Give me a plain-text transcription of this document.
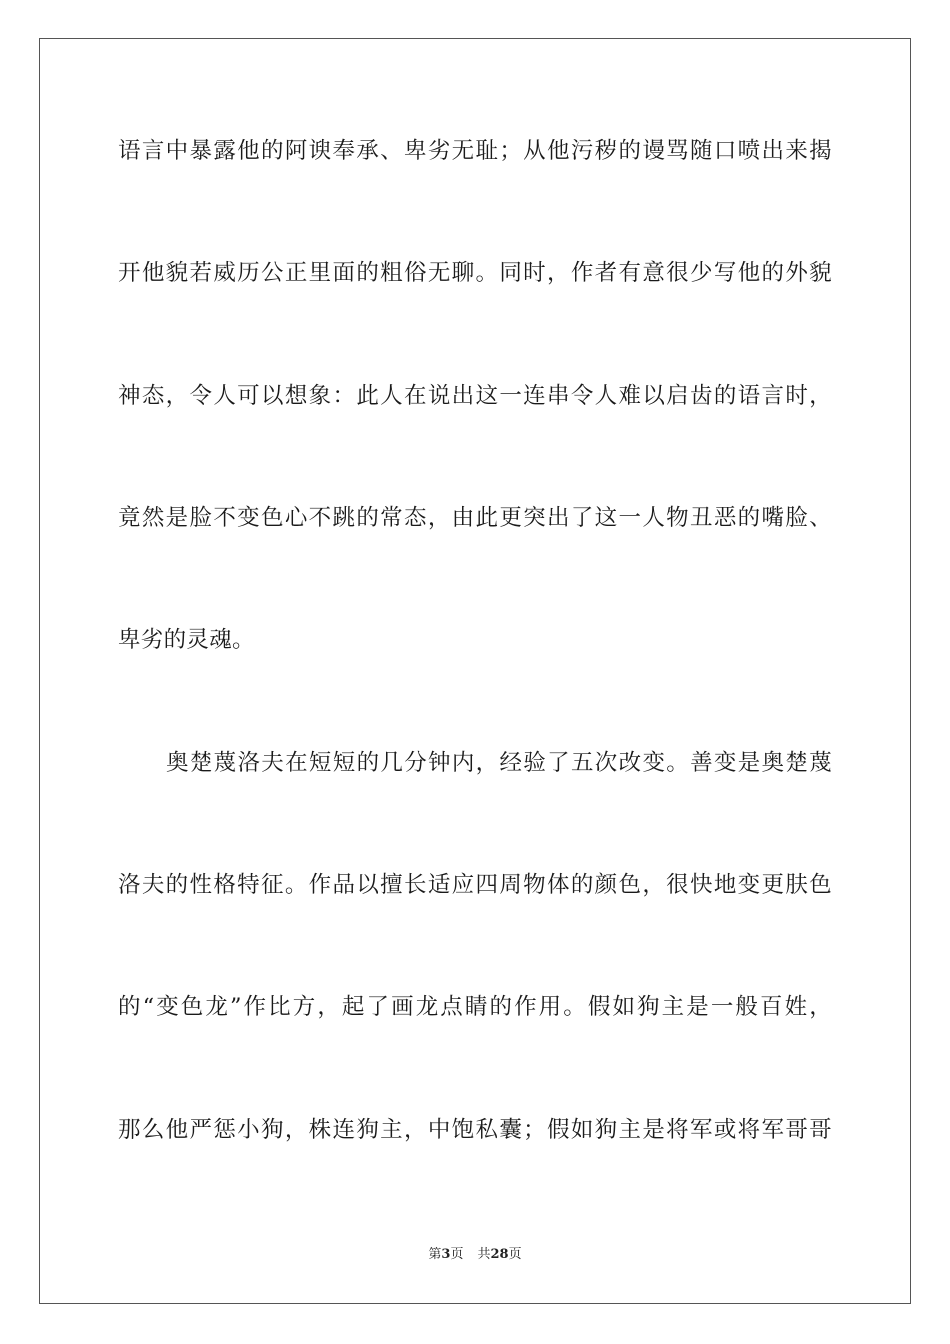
语言中暴露他的阿谀奉承、卑劣无耻；从他污秽的谩骂随口喷出来揭
开他貌若威历公正里面的粗俗无聊。同时，作者有意很少写他的外貌
神态，令人可以想象：此人在说出这一连串令人难以启齿的语言时，
竟然是脸不变色心不跳的常态，由此更突出了这一人物丑恶的嘴脸、
卑劣的灵魂。
奥楚蔑洛夫在短短的几分钟内，经验了五次改变。善变是奥楚蔑
洛夫的性格特征。作品以擅长适应四周物体的颜色，很快地变更肤色
的“变色龙”作比方，起了画龙点睛的作用。假如狗主是一般百姓，
那么他严惩小狗，株连狗主，中饱私囊；假如狗主是将军或将军哥哥
第3页 共28页
